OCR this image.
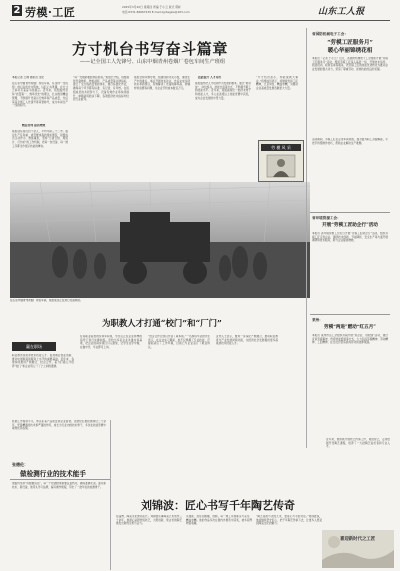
2 劳模·工匠	2025年3月20日 星期四 青编 于小云 版式 郭彬
电话:0531-86667439 E-mail:zgrbsgzw@163.com	山东工人报
方寸机台书写奋斗篇章
——记全国工人先锋号、山东中烟青州卷烟厂卷包车间生产班组
本报记者 王靖 通讯员 文化
在山东中烟青州卷烟厂卷包车间，有这样一支班组：他们以机台为阵地，以匠心为笔墨，在方寸之间书写着奋斗的篇章。近年来，班组始终坚持“质量第一、效率优先”的理念，扎实推进精益管理，不断提升设备运行效率和产品质量，先后荣获全国工人先锋号等荣誉称号，成为车间生产一线的标杆。
精益管理 提质增效
班组现有成员四十余人，平均年龄三十二岁。面对生产任务重、质量要求高的现实情况，班组成员主动作为、勇挑重担，坚持“日清日结、周统计、月分析”的工作机制，把每一台设备、每一道工序都当作展示技能的舞台。
“每一支烟都要经得起检验。”班组长介绍，班组围绕设备效率、物料消耗、产品质量等关键指标，建立了全过程质量管控体系，推行标准化作业，确保每个环节都有标准、有记录、有考核。在班组成员的共同努力下，设备有效作业率持续提升，单箱消耗稳步下降，各项经济技术指标均位居行业前列。
班组坚持问题导向，组建创新攻关小组，围绕生产中的难点、堵点开展技术攻关，先后完成多项技术革新项目，有效解决了设备故障率高、原辅材料浪费等问题，为企业节约成本数百万元。
技能提升 人才辈出
班组始终把人才培养作为发展的根本，通过“师带徒”、岗位练兵、技能比武等方式，不断提升职工的技能水平。近年来，班组涌现出一批技术骨干和技能人才，多人在省级以上技能竞赛中获奖，成为企业发展的中坚力量。
“方寸机台虽小，却能成就大事业。”班组成员表示，将继续发扬工匠精神，立足岗位、精益求精，为推动企业高质量发展贡献更大力量。
劳 模 风 采
在山东中烟青州卷烟厂卷包车间，班组成员正在进行设备调试。
省国防机械电子工会：
“劳模工匠服务月”
暖心华丽锦绣花相
本报讯（记者 于小云）近日，省国防机械电子工会组织开展“劳模工匠服务月”活动，组织劳模工匠深入基层一线，开展技术指导、技能培训、政策宣讲等服务，把劳模工匠的技能优势转化为推动企业发展的强大动力，营造了尊重劳动、崇尚技能的良好氛围。
活动期间，劳模工匠们走进车间班组，面对面为职工答疑解惑，手把手传授操作技巧，帮助企业解决生产难题。
省环境资源工会：
开展“劳模工匠助企行”活动
本报讯 省环境资源工会近日开展“劳模工匠助企行”活动，组织劳模工匠走进企业，围绕技术创新、节能降耗、安全生产等方面开展调研和技术服务，助力企业提质增效。
莱州：
劳模“两进”燃动“红五月”
本报讯 莱州市总工会组织劳模开展“进企业、进校园”活动，通过宣讲劳模事迹、传授技能经验等方式，大力弘扬劳模精神、劳动精神、工匠精神，在全社会营造崇尚劳动的浓厚氛围。
为职教人才打通“校门”和“厂门”
赢在职场
职业教育是培养技术技能人才、促进就业创业创新、推动中国制造和服务上水平的重要基础。近年来，各地持续推进产教融合、校企合作，着力打通人才培养“校门”和企业用人“厂门”之间的通道。
在某职业院校的实训车间里，学生们正在企业师傅的指导下进行实操训练。学校与多家企业共建实训基地，把企业的真实项目引入课堂，让学生在学中做、在做中学，毕业即可上岗。
“校企合作让我们学到了真本领。”一名即将毕业的学生表示，在企业实习期间，他不仅掌握了专业技能，还提前适应了工作环境，目前已与企业签订了就业协议。
业内人士表示，要进一步深化产教融合，推动职业教育与产业发展同频共振，为经济社会发展提供更多高素质技术技能人才。
检测工作看似平凡，却关系着产品质量和企业信誉。张德伦扎根检测岗位二十余年，凭借精湛的技术和严谨的作风，成长为行业内的技术骨干，多次在技能竞赛中取得优异成绩。
张德伦：
做检测行业的技术能手
他始终坚持“用数据说话”，每一个检测结果都要反复核对，确保准确无误。面对新技术、新设备，他带头学习钻研，编写操作规程，带出了一批年轻的检测骨干。
刘锦波：匠心书写千年陶艺传奇
在淄博，陶瓷文化源远流长。刘锦波从事陶瓷艺术创作三十余年，他潜心钻研传统技艺，大胆创新，使古老的陶艺焕发出新的生机与活力。
从揉泥、拉坯到施釉、烧制，每一道工序他都亲力亲为、精益求精。他的作品多次在国内外展览中获奖，被多家博物馆收藏。
“陶艺是泥与火的艺术，更是心与手的对话。”刘锦波说，他将继续坚守匠心，把千年陶艺传承下去，让更多人感受到陶瓷文化的魅力。
近年来，他积极开展技艺传承工作，收徒授艺，走进校园开设陶艺课程，培养了一大批陶艺爱好者和专业人才。
喜迎新时代之工匠
